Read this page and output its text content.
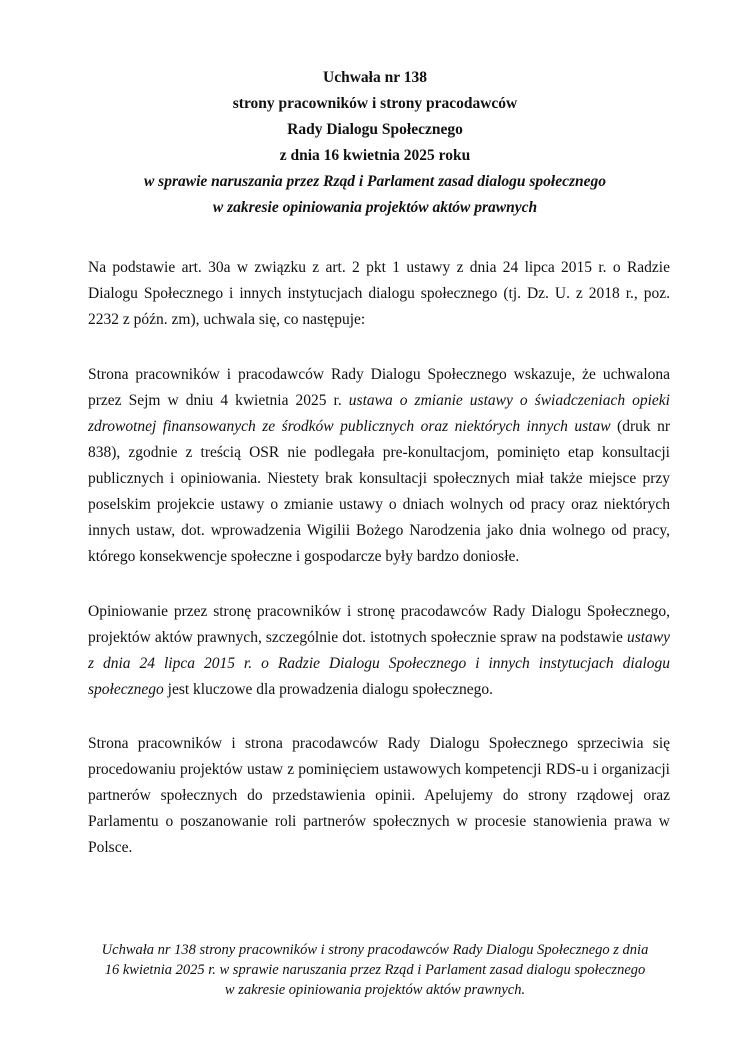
Uchwała nr 138
strony pracowników i strony pracodawców
Rady Dialogu Społecznego
z dnia 16 kwietnia 2025 roku
w sprawie naruszania przez Rząd i Parlament zasad dialogu społecznego
w zakresie opiniowania projektów aktów prawnych
Na podstawie art. 30a w związku z art. 2 pkt 1 ustawy z dnia 24 lipca 2015 r. o Radzie Dialogu Społecznego i innych instytucjach dialogu społecznego (tj. Dz. U. z 2018 r., poz. 2232 z późn. zm), uchwala się, co następuje:
Strona pracowników i pracodawców Rady Dialogu Społecznego wskazuje, że uchwalona przez Sejm w dniu 4 kwietnia 2025 r. ustawa o zmianie ustawy o świadczeniach opieki zdrowotnej finansowanych ze środków publicznych oraz niektórych innych ustaw (druk nr 838), zgodnie z treścią OSR nie podlegała pre-konultacjom, pominięto etap konsultacji publicznych i opiniowania. Niestety brak konsultacji społecznych miał także miejsce przy poselskim projekcie ustawy o zmianie ustawy o dniach wolnych od pracy oraz niektórych innych ustaw, dot. wprowadzenia Wigilii Bożego Narodzenia jako dnia wolnego od pracy, którego konsekwencje społeczne i gospodarcze były bardzo doniosłe.
Opiniowanie przez stronę pracowników i stronę pracodawców Rady Dialogu Społecznego, projektów aktów prawnych, szczególnie dot. istotnych społecznie spraw na podstawie ustawy z dnia 24 lipca 2015 r. o Radzie Dialogu Społecznego i innych instytucjach dialogu społecznego jest kluczowe dla prowadzenia dialogu społecznego.
Strona pracowników i strona pracodawców Rady Dialogu Społecznego sprzeciwia się procedowaniu projektów ustaw z pominięciem ustawowych kompetencji RDS-u i organizacji partnerów społecznych do przedstawienia opinii. Apelujemy do strony rządowej oraz Parlamentu o poszanowanie roli partnerów społecznych w procesie stanowienia prawa w Polsce.
Uchwała nr 138 strony pracowników i strony pracodawców Rady Dialogu Społecznego z dnia
16 kwietnia 2025 r. w sprawie naruszania przez Rząd i Parlament zasad dialogu społecznego
w zakresie opiniowania projektów aktów prawnych.
